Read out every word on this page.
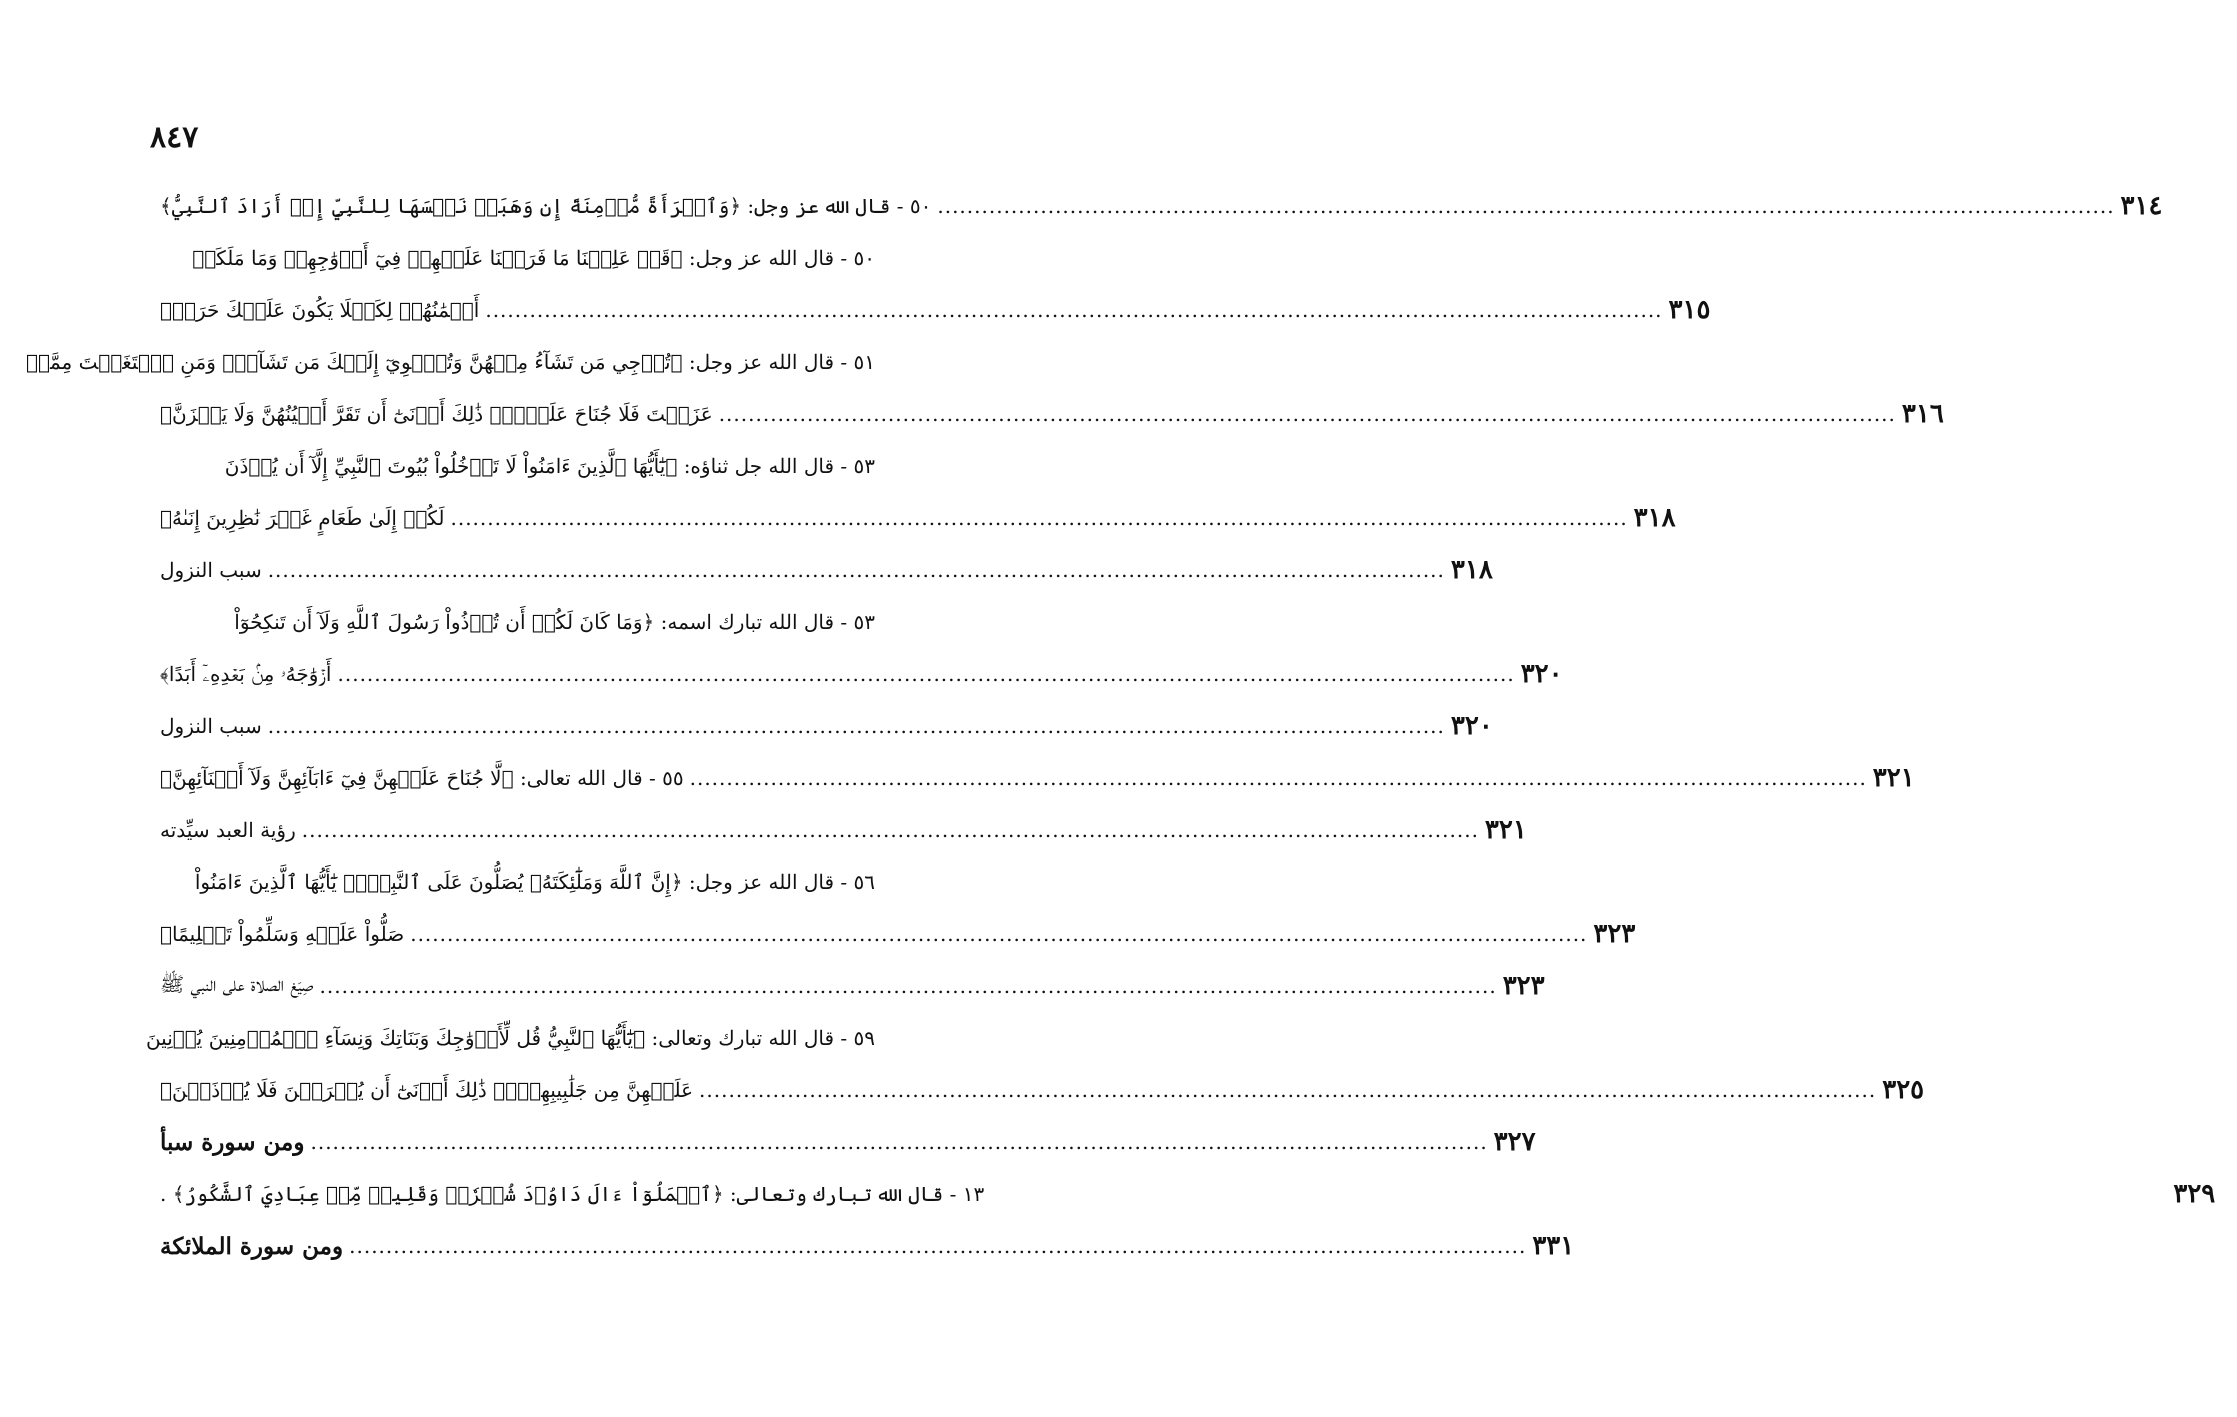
٨٤٧
٥٠ - قال الله عز وجل: ﴿وَٱمۡرَأَةً مُّؤۡمِنَةً إِن وَهَبَتۡ نَفۡسَهَا لِلنَّبِيِّ إِنۡ أَرَادَ ٱلنَّبِيُّ﴾ .....	٣١٤
٥٠ - قال الله عز وجل: ﴿قَدۡ عَلِمۡنَا مَا فَرَضۡنَا عَلَيۡهِمۡ فِيٓ أَزۡوَٰجِهِمۡ وَمَا مَلَكَتۡ
أَيۡمَٰنُهُمۡ لِكَيۡلَا يَكُونَ عَلَيۡكَ حَرَجٞ﴾ .....	٣١٥
٥١ - قال الله عز وجل: ﴿تُرۡجِي مَن تَشَآءُ مِنۡهُنَّ وَتُـٔۡوِيٓ إِلَيۡكَ مَن تَشَآءُۖ وَمَنِ ٱبۡتَغَيۡتَ مِمَّنۡ
عَزَلۡتَ فَلَا جُنَاحَ عَلَيۡكَۚ ذَٰلِكَ أَدۡنَىٰٓ أَن تَقَرَّ أَعۡيُنُهُنَّ وَلَا يَحۡزَنَّ﴾ .....	٣١٦
٥٣ - قال الله جل ثناؤه: ﴿يَٰٓأَيُّهَا ٱلَّذِينَ ءَامَنُواْ لَا تَدۡخُلُواْ بُيُوتَ ٱلنَّبِيِّ إِلَّآ أَن يُؤۡذَنَ
لَكُمۡ إِلَىٰ طَعَامٍ غَيۡرَ نَٰظِرِينَ إِنَىٰهُ﴾ .....	٣١٨
سبب النزول .....	٣١٨
٥٣ - قال الله تبارك اسمه: ﴿وَمَا كَانَ لَكُمۡ أَن تُؤۡذُواْ رَسُولَ ٱللَّهِ وَلَآ أَن تَنكِحُوٓاْ
أَزۡوَٰجَهُۥ مِنۢ بَعۡدِهِۦٓ أَبَدًا﴾ .....	٣٢٠
سبب النزول .....	٣٢٠
٥٥ - قال الله تعالى: ﴿لَّا جُنَاحَ عَلَيۡهِنَّ فِيٓ ءَابَآئِهِنَّ وَلَآ أَبۡنَآئِهِنَّ﴾ .....	٣٢١
رؤية العبد سيِّدته .....	٣٢١
٥٦ - قال الله عز وجل: ﴿إِنَّ ٱللَّهَ وَمَلَٰٓئِكَتَهُۥ يُصَلُّونَ عَلَى ٱلنَّبِيِّۚ يَٰٓأَيُّهَا ٱلَّذِينَ ءَامَنُواْ
صَلُّواْ عَلَيۡهِ وَسَلِّمُواْ تَسۡلِيمًا﴾ .....	٣٢٣
صِيَغ الصلاة على النبي ﷺ .....	٣٢٣
٥٩ - قال الله تبارك وتعالى: ﴿يَٰٓأَيُّهَا ٱلنَّبِيُّ قُل لِّأَزۡوَٰجِكَ وَبَنَاتِكَ وَنِسَآءِ ٱلۡمُؤۡمِنِينَ يُدۡنِينَ
عَلَيۡهِنَّ مِن جَلَٰبِيبِهِنَّۚ ذَٰلِكَ أَدۡنَىٰٓ أَن يُعۡرَفۡنَ فَلَا يُؤۡذَيۡنَ﴾ .....	٣٢٥
ومن سورة سبأ .....	٣٢٧
١٣ - قال الله تبارك وتعالى: ﴿ٱعۡمَلُوٓاْ ءَالَ دَاوُۥدَ شُكۡرٗاۚ وَقَلِيلٞ مِّنۡ عِبَادِيَ ٱلشَّكُورُ﴾ .	٣٢٩
ومن سورة الملائكة .....	٣٣١
